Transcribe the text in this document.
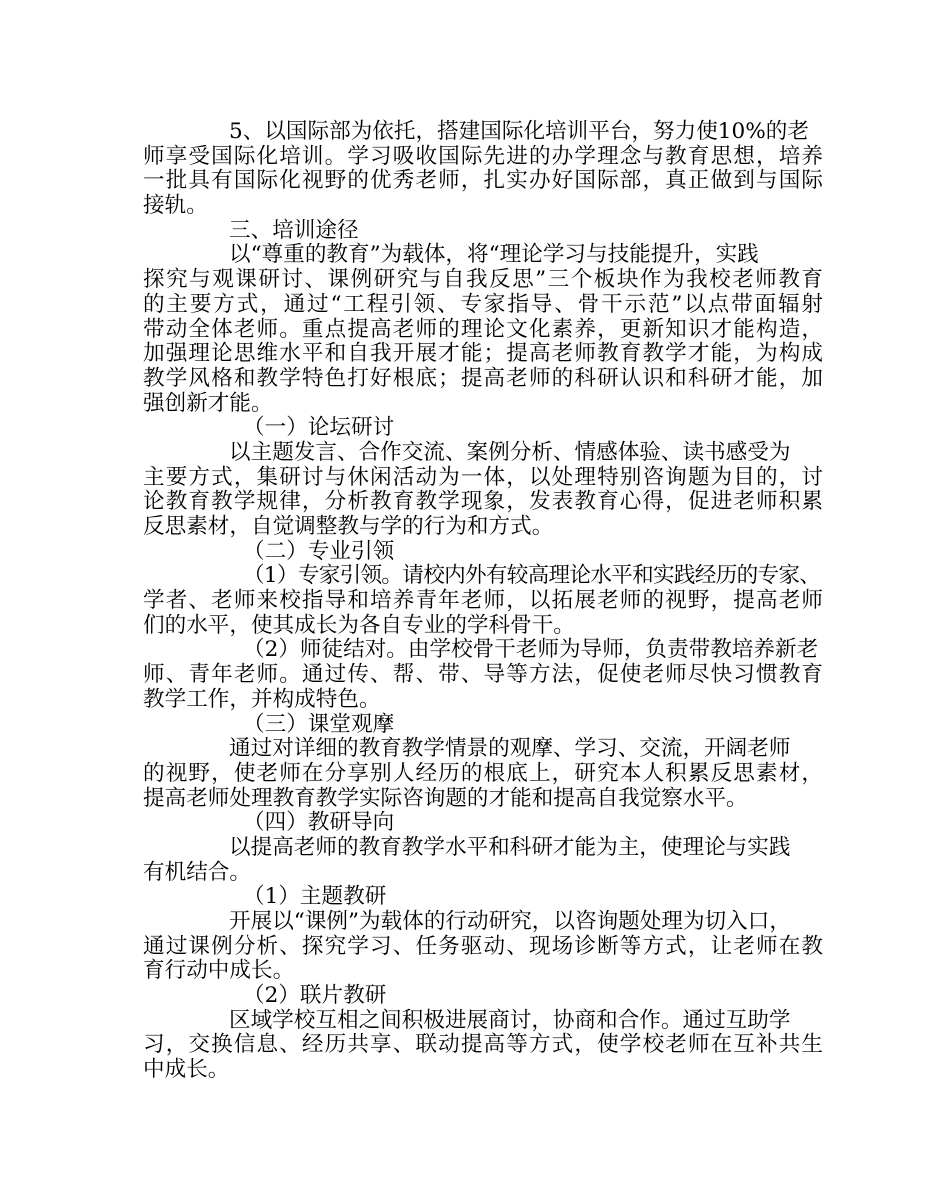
5、以国际部为依托，搭建国际化培训平台，努力使10%的老
师享受国际化培训。学习吸收国际先进的办学理念与教育思想，培养
一批具有国际化视野的优秀老师，扎实办好国际部，真正做到与国际
接轨。
三、培训途径
以“尊重的教育”为载体，将“理论学习与技能提升，实践
探究与观课研讨、课例研究与自我反思”三个板块作为我校老师教育
的主要方式，通过“工程引领、专家指导、骨干示范”以点带面辐射
带动全体老师。重点提高老师的理论文化素养，更新知识才能构造，
加强理论思维水平和自我开展才能；提高老师教育教学才能，为构成
教学风格和教学特色打好根底；提高老师的科研认识和科研才能，加
强创新才能。
（一）论坛研讨
以主题发言、合作交流、案例分析、情感体验、读书感受为
主要方式，集研讨与休闲活动为一体，以处理特别咨询题为目的，讨
论教育教学规律，分析教育教学现象，发表教育心得，促进老师积累
反思素材，自觉调整教与学的行为和方式。
（二）专业引领
（1）专家引领。请校内外有较高理论水平和实践经历的专家、
学者、老师来校指导和培养青年老师，以拓展老师的视野，提高老师
们的水平，使其成长为各自专业的学科骨干。
（2）师徒结对。由学校骨干老师为导师，负责带教培养新老
师、青年老师。通过传、帮、带、导等方法，促使老师尽快习惯教育
教学工作，并构成特色。
（三）课堂观摩
通过对详细的教育教学情景的观摩、学习、交流，开阔老师
的视野，使老师在分享别人经历的根底上，研究本人积累反思素材，
提高老师处理教育教学实际咨询题的才能和提高自我觉察水平。
（四）教研导向
以提高老师的教育教学水平和科研才能为主，使理论与实践
有机结合。
（1）主题教研
开展以“课例”为载体的行动研究，以咨询题处理为切入口，
通过课例分析、探究学习、任务驱动、现场诊断等方式，让老师在教
育行动中成长。
（2）联片教研
区域学校互相之间积极进展商讨，协商和合作。通过互助学
习，交换信息、经历共享、联动提高等方式，使学校老师在互补共生
中成长。
